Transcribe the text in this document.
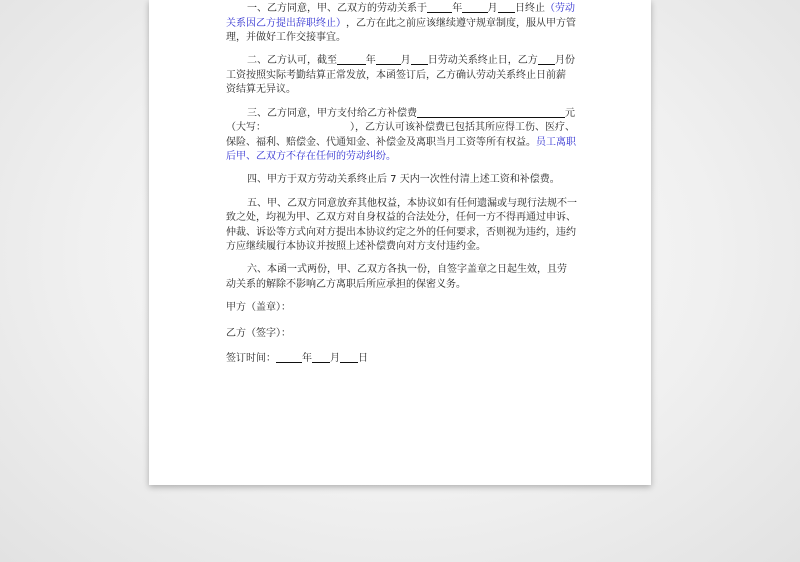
一、乙方同意，甲、乙双方的劳动关系于	年	月 日终止 （劳动
关系因乙方提出辞职终止） ，乙方在此之前应该继续遵守规章制度，服从甲方管
理，并做好工作交接事宜。
二、乙方认可，截至	年 月 日劳动关系终止日，乙方 月份
工资按照实际考勤结算正常发放，本函签订后，乙方确认劳动关系终止日前薪
资结算无异议。
三、乙方同意，甲方支付给乙方补偿费	元
（大写：
	），乙方认可该补偿费已包括其所应得工伤、医疗、
保险、福利、赔偿金、代通知金、补偿金及离职当月工资等所有权益。 员工离职
后甲、乙双方不存在任何的劳动纠纷。
四、甲方于双方劳动关系终止后 7 天内一次性付清上述工资和补偿费。
五、甲、乙双方同意放弃其他权益，本协议如有任何遗漏或与现行法规不一
致之处，均视为甲、乙双方对自身权益的合法处分，任何一方不得再通过申诉、
仲裁、诉讼等方式向对方提出本协议约定之外的任何要求，否则视为违约，违约
方应继续履行本协议并按照上述补偿费向对方支付违约金。
六、本函一式两份，甲、乙双方各执一份，自签字盖章之日起生效，且劳
动关系的解除不影响乙方离职后所应承担的保密义务。
甲方（盖章）：
乙方（签字）：
签订时间：	年 月 日
